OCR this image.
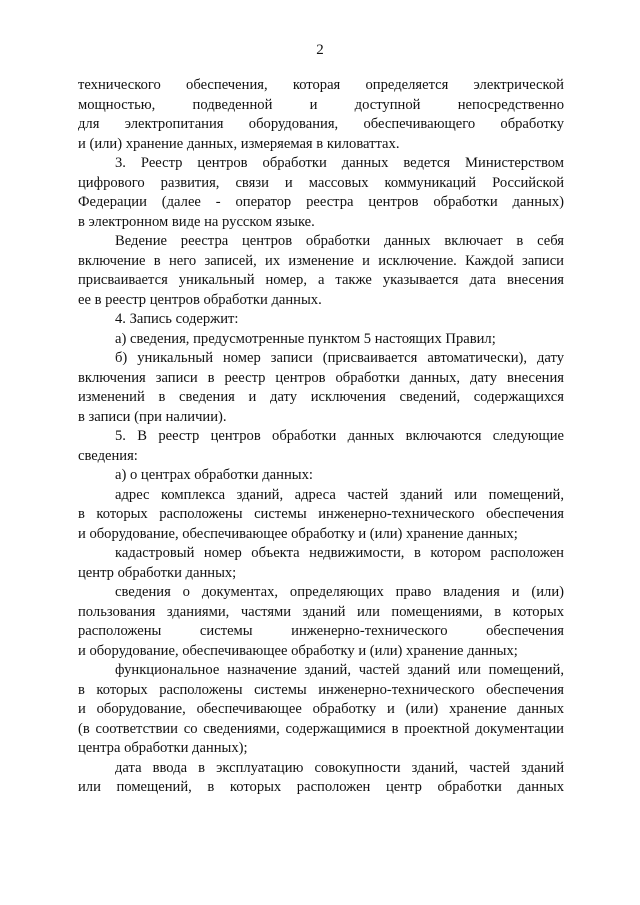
2
технического обеспечения, которая определяется электрической
мощностью, подведенной и доступной непосредственно
для электропитания оборудования, обеспечивающего обработку
и (или) хранение данных, измеряемая в киловаттах.
3. Реестр центров обработки данных ведется Министерством
цифрового развития, связи и массовых коммуникаций Российской
Федерации (далее - оператор реестра центров обработки данных)
в электронном виде на русском языке.
Ведение реестра центров обработки данных включает в себя
включение в него записей, их изменение и исключение. Каждой записи
присваивается уникальный номер, а также указывается дата внесения
ее в реестр центров обработки данных.
4. Запись содержит:
а) сведения, предусмотренные пунктом 5 настоящих Правил;
б) уникальный номер записи (присваивается автоматически), дату
включения записи в реестр центров обработки данных, дату внесения
изменений в сведения и дату исключения сведений, содержащихся
в записи (при наличии).
5. В реестр центров обработки данных включаются следующие
сведения:
а) о центрах обработки данных:
адрес комплекса зданий, адреса частей зданий или помещений,
в которых расположены системы инженерно-технического обеспечения
и оборудование, обеспечивающее обработку и (или) хранение данных;
кадастровый номер объекта недвижимости, в котором расположен
центр обработки данных;
сведения о документах, определяющих право владения и (или)
пользования зданиями, частями зданий или помещениями, в которых
расположены системы инженерно-технического обеспечения
и оборудование, обеспечивающее обработку и (или) хранение данных;
функциональное назначение зданий, частей зданий или помещений,
в которых расположены системы инженерно-технического обеспечения
и оборудование, обеспечивающее обработку и (или) хранение данных
(в соответствии со сведениями, содержащимися в проектной документации
центра обработки данных);
дата ввода в эксплуатацию совокупности зданий, частей зданий
или помещений, в которых расположен центр обработки данных
